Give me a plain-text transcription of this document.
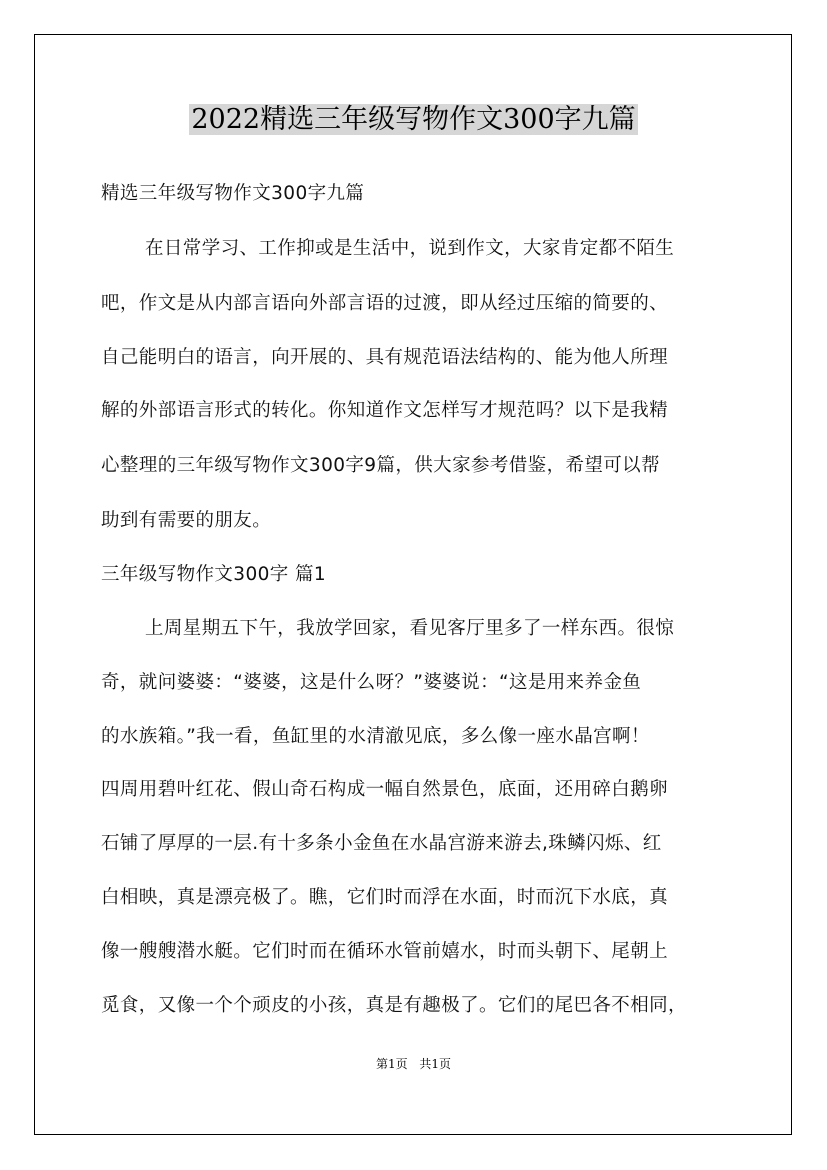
2022精选三年级写物作文300字九篇
精选三年级写物作文300字九篇
在日常学习、工作抑或是生活中，说到作文，大家肯定都不陌生
吧，作文是从内部言语向外部言语的过渡，即从经过压缩的简要的、
自己能明白的语言，向开展的、具有规范语法结构的、能为他人所理
解的外部语言形式的转化。你知道作文怎样写才规范吗？以下是我精
心整理的三年级写物作文300字9篇，供大家参考借鉴，希望可以帮
助到有需要的朋友。
三年级写物作文300字 篇1
上周星期五下午，我放学回家，看见客厅里多了一样东西。很惊
奇，就问婆婆：“婆婆，这是什么呀？”婆婆说：“这是用来养金鱼
的水族箱。”我一看，鱼缸里的水清澈见底，多么像一座水晶宫啊！
四周用碧叶红花、假山奇石构成一幅自然景色，底面，还用碎白鹅卵
石铺了厚厚的一层.有十多条小金鱼在水晶宫游来游去,珠鳞闪烁、红
白相映，真是漂亮极了。瞧，它们时而浮在水面，时而沉下水底，真
像一艘艘潜水艇。它们时而在循环水管前嬉水，时而头朝下、尾朝上
觅食，又像一个个顽皮的小孩，真是有趣极了。它们的尾巴各不相同，
第1页 共1页
